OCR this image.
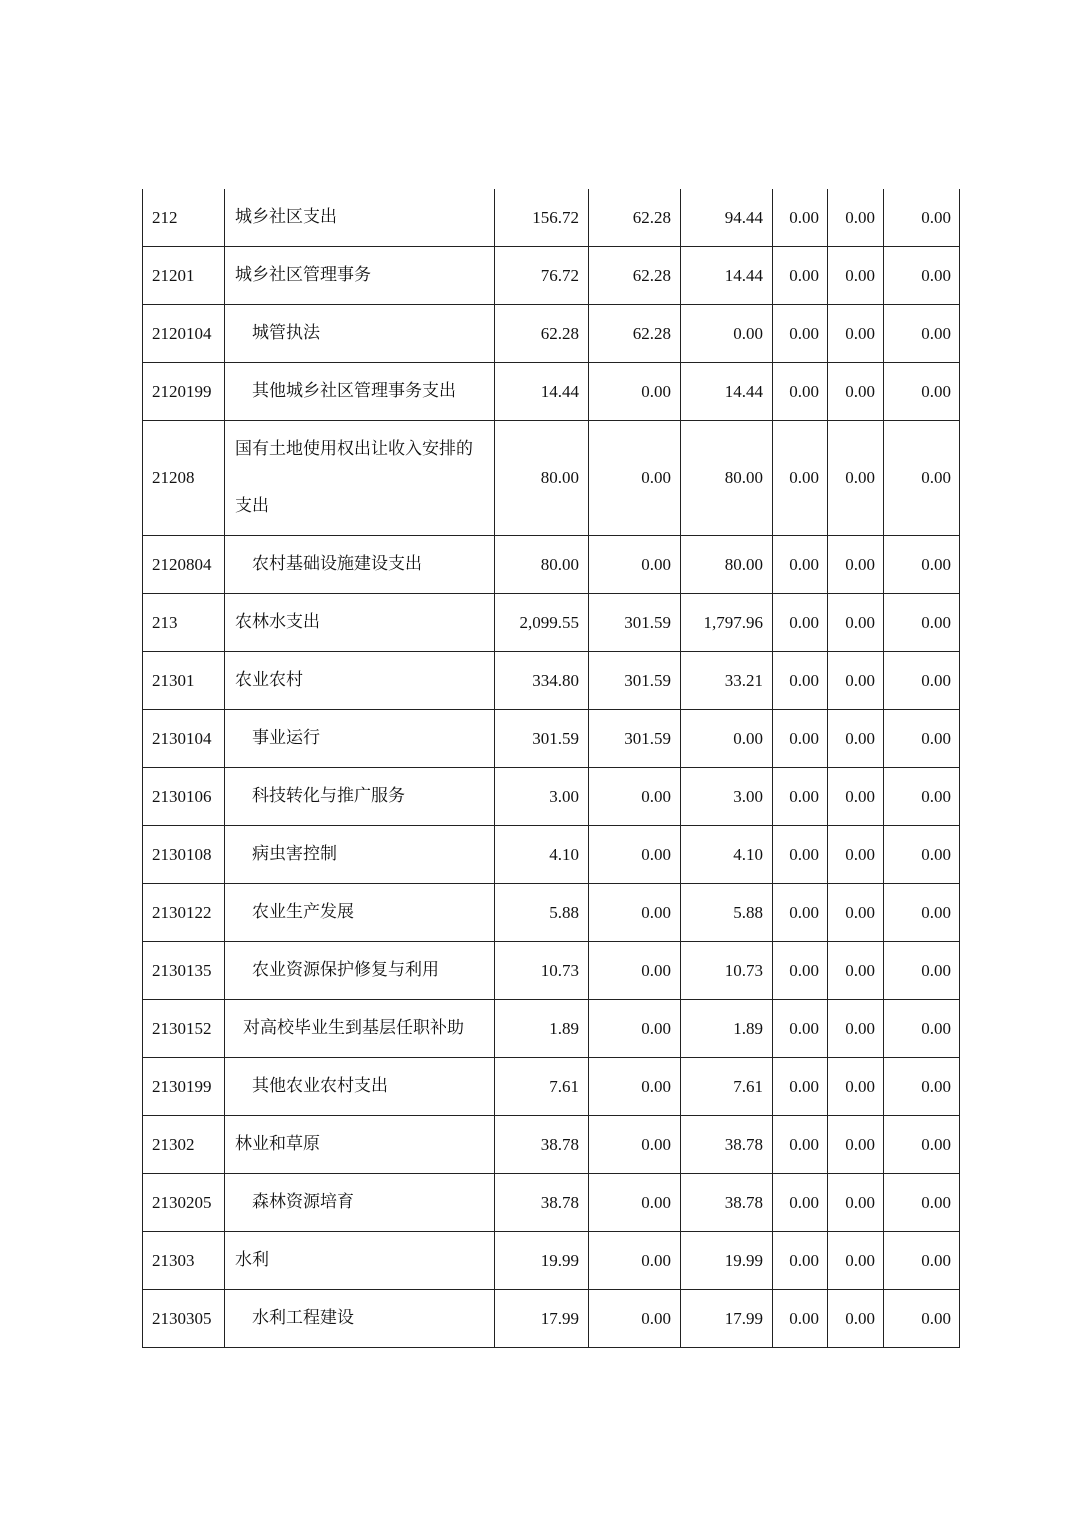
212	城乡社区支出	156.72	62.28	94.44	0.00	0.00	0.00
21201	城乡社区管理事务	76.72	62.28	14.44	0.00	0.00	0.00
2120104	城管执法	62.28	62.28	0.00	0.00	0.00	0.00
2120199	其他城乡社区管理事务支出	14.44	0.00	14.44	0.00	0.00	0.00
21208	国有土地使用权出让收入安排的支出	80.00	0.00	80.00	0.00	0.00	0.00
2120804	农村基础设施建设支出	80.00	0.00	80.00	0.00	0.00	0.00
213	农林水支出	2,099.55	301.59	1,797.96	0.00	0.00	0.00
21301	农业农村	334.80	301.59	33.21	0.00	0.00	0.00
2130104	事业运行	301.59	301.59	0.00	0.00	0.00	0.00
2130106	科技转化与推广服务	3.00	0.00	3.00	0.00	0.00	0.00
2130108	病虫害控制	4.10	0.00	4.10	0.00	0.00	0.00
2130122	农业生产发展	5.88	0.00	5.88	0.00	0.00	0.00
2130135	农业资源保护修复与利用	10.73	0.00	10.73	0.00	0.00	0.00
2130152	对高校毕业生到基层任职补助	1.89	0.00	1.89	0.00	0.00	0.00
2130199	其他农业农村支出	7.61	0.00	7.61	0.00	0.00	0.00
21302	林业和草原	38.78	0.00	38.78	0.00	0.00	0.00
2130205	森林资源培育	38.78	0.00	38.78	0.00	0.00	0.00
21303	水利	19.99	0.00	19.99	0.00	0.00	0.00
2130305	水利工程建设	17.99	0.00	17.99	0.00	0.00	0.00
